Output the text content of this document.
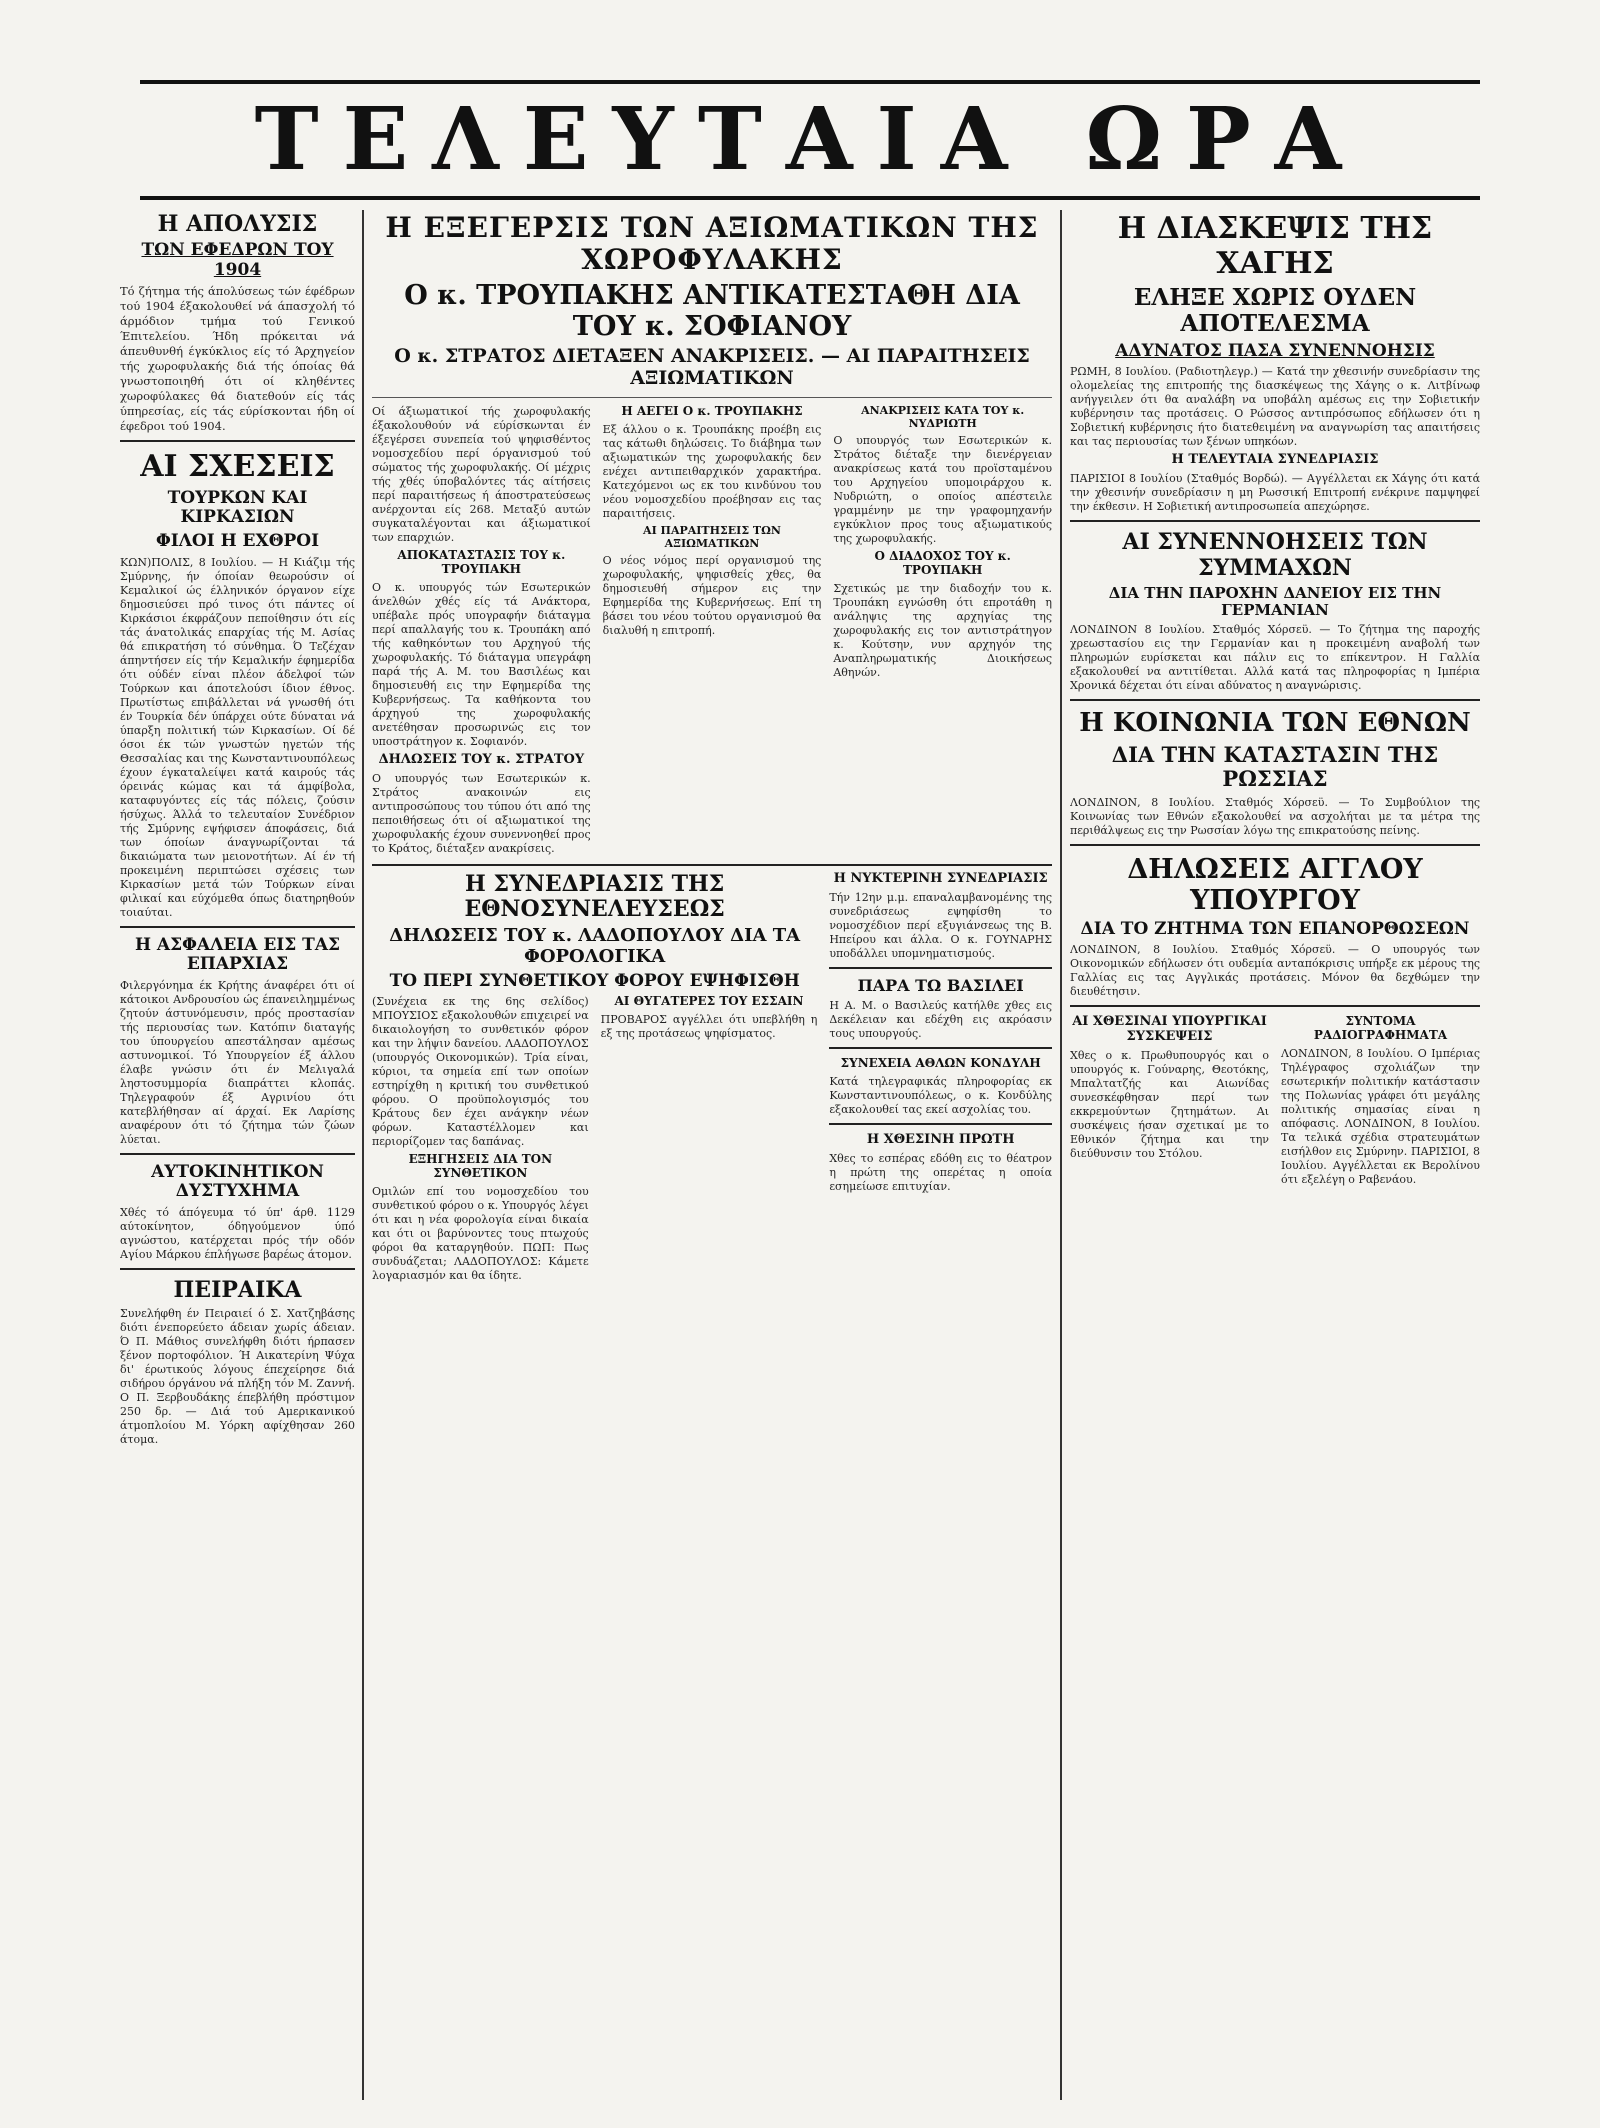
ΤΕΛΕΥΤΑΙΑ ΩΡΑ
Η ΑΠΟΛΥΣΙΣ
ΤΩΝ ΕΦΕΔΡΩΝ ΤΟΥ 1904

Τό ζήτημα τής άπολύσεως τών έφέδρων τού 1904 έξακολουθεί νά άπασχολή τό άρμόδιον τμήμα τού Γενικού Έπιτελείου. Ήδη πρόκειται νά άπευθυνθή έγκύκλιος είς τό Άρχηγείον τής χωροφυλακής διά τής όποίας θά γνωστοποιηθή ότι οί κληθέντες χωροφύλακες θά διατεθούν είς τάς ύπηρεσίας, είς τάς εύρίσκονται ήδη οί έφεδροι τού 1904.

ΑΙ ΣΧΕΣΕΙΣ
ΤΟΥΡΚΩΝ ΚΑΙ ΚΙΡΚΑΣΙΩΝ
ΦΙΛΟΙ Η ΕΧΘΡΟΙ

ΚΩΝ)ΠΟΛΙΣ, 8 Ιουλίου. — Η Κιάζιμ τής Σμύρνης, ήν όποίαν θεωρούσιν οί Κεμαλικοί ώς έλληνικόν όργανον είχε δημοσιεύσει πρό τινος ότι πάντες οί Κιρκάσιοι έκφράζουν πεποίθησιν ότι είς τάς άνατολικάς επαρχίας τής Μ. Ασίας θά επικρατήση τό σύνθημα. Ό Τεζέχαν άπηντήσεν είς τήν Κεμαλικήν έφημερίδα ότι ούδέν είναι πλέον άδελφοί τών Τούρκων και άποτελούσι ίδιον έθνος. Πρωτίστως επιβάλλεται νά γνωσθή ότι έν Τουρκία δέν ύπάρχει ούτε δύναται νά ύπαρξη πολιτική τών Κιρκασίων. Οί δέ όσοι έκ τών γνωστών ηγετών τής Θεσσαλίας και της Κωνσταντινουπόλεως έχουν έγκαταλείψει κατά καιρούς τάς όρεινάς κώμας και τά άμφίβολα, καταφυγόντες είς τάς πόλεις, ζούσιν ήσύχως. Άλλά το τελευταίον Συνέδριον τής Σμύρνης εψήφισεν άποφάσεις, διά των όποίων άναγνωρίζονται τά δικαιώματα των μειονοτήτων. Αί έν τή προκειμένη περιπτώσει σχέσεις των Κιρκασίων μετά τών Τούρκων είναι φιλικαί και εύχόμεθα όπως διατηρηθούν τοιαύται.

Η ΑΣΦΑΛΕΙΑ ΕΙΣ ΤΑΣ ΕΠΑΡΧΙΑΣ

Φιλεργόνημα έκ Κρήτης άναφέρει ότι οί κάτοικοι Ανδρουσίου ώς έπανειλημμένως ζητούν άστυνόμευσιν, πρός προστασίαν τής περιουσίας των. Κατόπιν διαταγής του ύπουργείου απεστάλησαν αμέσως αστυνομικοί. Τό Υπουργείον έξ άλλου έλαβε γνώσιν ότι έν Μελιγαλά ληστοσυμμορία διαπράττει κλοπάς. Τηλεγραφούν έξ Αγρινίου ότι κατεβλήθησαν αί άρχαί. Εκ Λαρίσης αναφέρουν ότι τό ζήτημα τών ζώων λύεται.

ΑΥΤΟΚΙΝΗΤΙΚΟΝ ΔΥΣΤΥΧΗΜΑ

Χθές τό άπόγευμα τό ύπ' άρθ. 1129 αύτοκίνητον, όδηγούμενον ύπό αγνώστου, κατέρχεται πρός τήν οδόν Αγίου Μάρκου έπλήγωσε βαρέως άτομον.

ΠΕΙΡΑΙΚΑ

Συνελήφθη έν Πειραιεί ό Σ. Χατζηβάσης διότι ένεπορεύετο άδειαν χωρίς άδειαν. Ό Π. Μάθιος συνελήφθη διότι ήρπασεν ξένον πορτοφόλιον. Ή Αικατερίνη Ψύχα δι' έρωτικούς λόγους έπεχείρησε διά σιδήρου όργάνου νά πλήξη τόν Μ. Ζαννή. Ο Π. Ξερβουδάκης έπεβλήθη πρόστιμον 250 δρ. — Διά τού Αμερικανικού άτμοπλοίου Μ. Υόρκη αφίχθησαν 260 άτομα.

Η ΕΞΕΓΕΡΣΙΣ ΤΩΝ ΑΞΙΩΜΑΤΙΚΩΝ ΤΗΣ ΧΩΡΟΦΥΛΑΚΗΣ
Ο κ. ΤΡΟΥΠΑΚΗΣ ΑΝΤΙΚΑΤΕΣΤΑΘΗ ΔΙΑ ΤΟΥ κ. ΣΟΦΙΑΝΟΥ
Ο κ. ΣΤΡΑΤΟΣ ΔΙΕΤΑΞΕΝ ΑΝΑΚΡΙΣΕΙΣ. — ΑΙ ΠΑΡΑΙΤΗΣΕΙΣ ΑΞΙΩΜΑΤΙΚΩΝ

Οί άξιωματικοί τής χωροφυλακής έξακολουθούν νά εύρίσκωνται έν έξεγέρσει συνεπεία τού ψηφισθέντος νομοσχεδίου περί όργανισμού τού σώματος τής χωροφυλακής. Οί μέχρις τής χθές ύποβαλόντες τάς αίτήσεις περί παραιτήσεως ή άποστρατεύσεως ανέρχονται είς 268. Μεταξύ αυτών συγκαταλέγονται και άξιωματικοί των επαρχιών.

ΑΠΟΚΑΤΑΣΤΑΣΙΣ ΤΟΥ κ. ΤΡΟΥΠΑΚΗ

Ο κ. υπουργός τών Εσωτερικών άνελθών χθές είς τά Ανάκτορα, υπέβαλε πρός υπογραφήν διάταγμα περί απαλλαγής του κ. Τρουπάκη από τής καθηκόντων του Αρχηγού τής χωροφυλακής. Τό διάταγμα υπεγράφη παρά τής Α. Μ. του Βασιλέως και δημοσιευθή εις την Εφημερίδα της Κυβερνήσεως. Τα καθήκοντα του άρχηγού της χωροφυλακής ανετέθησαν προσωρινώς εις τον υποστράτηγον κ. Σοφιανόν.

ΔΗΛΩΣΕΙΣ ΤΟΥ κ. ΣΤΡΑΤΟΥ

Ο υπουργός των Εσωτερικών κ. Στράτος ανακοινών εις αντιπροσώπους του τύπου ότι από της πεποιθήσεως ότι οί αξιωματικοί της χωροφυλακής έχουν συνεννοηθεί προς το Κράτος, διέταξεν ανακρίσεις.

Η ΑΕΓΕΙ Ο κ. ΤΡΟΥΠΑΚΗΣ

Εξ άλλου ο κ. Τρουπάκης προέβη εις τας κάτωθι δηλώσεις. Το διάβημα των αξιωματικών της χωροφυλακής δεν ενέχει αντιπειθαρχικόν χαρακτήρα. Κατεχόμενοι ως εκ του κινδύνου του νέου νομοσχεδίου προέβησαν εις τας παραιτήσεις.

ΑΙ ΠΑΡΑΙΤΗΣΕΙΣ ΤΩΝ ΑΞΙΩΜΑΤΙΚΩΝ

Ο νέος νόμος περί οργανισμού της χωροφυλακής, ψηφισθείς χθες, θα δημοσιευθή σήμερον εις την Εφημερίδα της Κυβερνήσεως. Επί τη βάσει του νέου τούτου οργανισμού θα διαλυθή η επιτροπή.

ΑΝΑΚΡΙΣΕΙΣ ΚΑΤΑ ΤΟΥ κ. ΝΥΔΡΙΩΤΗ

Ο υπουργός των Εσωτερικών κ. Στράτος διέταξε την διενέργειαν ανακρίσεως κατά του προϊσταμένου του Αρχηγείου υπομοιράρχου κ. Νυδριώτη, ο οποίος απέστειλε γραμμένην με την γραφομηχανήν εγκύκλιον προς τους αξιωματικούς της χωροφυλακής.

Ο ΔΙΑΔΟΧΟΣ ΤΟΥ κ. ΤΡΟΥΠΑΚΗ

Σχετικώς με την διαδοχήν του κ. Τρουπάκη εγνώσθη ότι επροτάθη η ανάληψις της αρχηγίας της χωροφυλακής εις τον αντιστράτηγον κ. Κούτσην, νυν αρχηγόν της Αναπληρωματικής Διοικήσεως Αθηνών.

Η ΣΥΝΕΔΡΙΑΣΙΣ ΤΗΣ ΕΘΝΟΣΥΝΕΛΕΥΣΕΩΣ
ΔΗΛΩΣΕΙΣ ΤΟΥ κ. ΛΑΔΟΠΟΥΛΟΥ ΔΙΑ ΤΑ ΦΟΡΟΛΟΓΙΚΑ
ΤΟ ΠΕΡΙ ΣΥΝΘΕΤΙΚΟΥ ΦΟΡΟΥ ΕΨΗΦΙΣΘΗ

(Συνέχεια εκ της 6ης σελίδος) ΜΠΟΥΣΙΟΣ εξακολουθών επιχειρεί να δικαιολογήση το συνθετικόν φόρον και την λήψιν δανείου. ΛΑΔΟΠΟΥΛΟΣ (υπουργός Οικονομικών). Τρία είναι, κύριοι, τα σημεία επί των οποίων εστηρίχθη η κριτική του συνθετικού φόρου. Ο προϋπολογισμός του Κράτους δεν έχει ανάγκην νέων φόρων. Καταστέλλομεν και περιορίζομεν τας δαπάνας.

ΕΞΗΓΗΣΕΙΣ ΔΙΑ ΤΟΝ ΣΥΝΘΕΤΙΚΟΝ

Ομιλών επί του νομοσχεδίου του συνθετικού φόρου ο κ. Υπουργός λέγει ότι και η νέα φορολογία είναι δικαία και ότι οι βαρύνοντες τους πτωχούς φόροι θα καταργηθούν. ΠΩΠ: Πως συνδυάζεται; ΛΑΔΟΠΟΥΛΟΣ: Κάμετε λογαριασμόν και θα ίδητε.

ΑΙ ΘΥΓΑΤΕΡΕΣ ΤΟΥ ΕΣΣΑΙΝ

ΠΡΟΒΑΡΟΣ αγγέλλει ότι υπεβλήθη η εξ της προτάσεως ψηφίσματος.

Η ΝΥΚΤΕΡΙΝΗ ΣΥΝΕΔΡΙΑΣΙΣ

Τήν 12ην μ.μ. επαναλαμβανομένης της συνεδριάσεως εψηφίσθη το νομοσχέδιον περί εξυγιάνσεως της Β. Ηπείρου και άλλα. Ο κ. ΓΟΥΝΑΡΗΣ υποδάλλει υπομνηματισμούς.

ΠΑΡΑ ΤΩ ΒΑΣΙΛΕΙ

Η Α. Μ. ο Βασιλεύς κατήλθε χθες εις Δεκέλειαν και εδέχθη εις ακρόασιν τους υπουργούς.

ΣΥΝΕΧΕΙΑ ΑΘΛΩΝ ΚΟΝΔΥΛΗ

Κατά τηλεγραφικάς πληροφορίας εκ Κωνσταντινουπόλεως, ο κ. Κονδύλης εξακολουθεί τας εκεί ασχολίας του.

Η ΧΘΕΣΙΝΗ ΠΡΩΤΗ

Χθες το εσπέρας εδόθη εις το θέατρον η πρώτη της οπερέτας η οποία εσημείωσε επιτυχίαν.

Η ΔΙΑΣΚΕΨΙΣ ΤΗΣ ΧΑΓΗΣ
ΕΛΗΞΕ ΧΩΡΙΣ ΟΥΔΕΝ ΑΠΟΤΕΛΕΣΜΑ
ΑΔΥΝΑΤΟΣ ΠΑΣΑ ΣΥΝΕΝΝΟΗΣΙΣ

ΡΩΜΗ, 8 Ιουλίου. (Ραδιοτηλεγρ.) — Κατά την χθεσινήν συνεδρίασιν της ολομελείας της επιτροπής της διασκέψεως της Χάγης ο κ. Λιτβίνωφ ανήγγειλεν ότι θα αναλάβη να υποβάλη αμέσως εις την Σοβιετικήν κυβέρνησιν τας προτάσεις. Ο Ρώσσος αντιπρόσωπος εδήλωσεν ότι η Σοβιετική κυβέρνησις ήτο διατεθειμένη να αναγνωρίση τας απαιτήσεις και τας περιουσίας των ξένων υπηκόων.

Η ΤΕΛΕΥΤΑΙΑ ΣΥΝΕΔΡΙΑΣΙΣ

ΠΑΡΙΣΙΟΙ 8 Ιουλίου (Σταθμός Βορδώ). — Αγγέλλεται εκ Χάγης ότι κατά την χθεσινήν συνεδρίασιν η μη Ρωσσική Επιτροπή ενέκρινε παμψηφεί την έκθεσιν. Η Σοβιετική αντιπροσωπεία απεχώρησε.

ΑΙ ΣΥΝΕΝΝΟΗΣΕΙΣ ΤΩΝ ΣΥΜΜΑΧΩΝ
ΔΙΑ ΤΗΝ ΠΑΡΟΧΗΝ ΔΑΝΕΙΟΥ ΕΙΣ ΤΗΝ ΓΕΡΜΑΝΙΑΝ

ΛΟΝΔΙΝΟΝ 8 Ιουλίου. Σταθμός Χόρσεϋ. — Το ζήτημα της παροχής χρεωστασίου εις την Γερμανίαν και η προκειμένη αναβολή των πληρωμών ευρίσκεται και πάλιν εις το επίκεντρον. Η Γαλλία εξακολουθεί να αντιτίθεται. Αλλά κατά τας πληροφορίας η Ιμπέρια Χρονικά δέχεται ότι είναι αδύνατος η αναγνώρισις.

Η ΚΟΙΝΩΝΙΑ ΤΩΝ ΕΘΝΩΝ
ΔΙΑ ΤΗΝ ΚΑΤΑΣΤΑΣΙΝ ΤΗΣ ΡΩΣΣΙΑΣ

ΛΟΝΔΙΝΟΝ, 8 Ιουλίου. Σταθμός Χόρσεϋ. — Το Συμβούλιον της Κοινωνίας των Εθνών εξακολουθεί να ασχολήται με τα μέτρα της περιθάλψεως εις την Ρωσσίαν λόγω της επικρατούσης πείνης.

ΔΗΛΩΣΕΙΣ ΑΓΓΛΟΥ ΥΠΟΥΡΓΟΥ
ΔΙΑ ΤΟ ΖΗΤΗΜΑ ΤΩΝ ΕΠΑΝΟΡΘΩΣΕΩΝ

ΛΟΝΔΙΝΟΝ, 8 Ιουλίου. Σταθμός Χόρσεϋ. — Ο υπουργός των Οικονομικών εδήλωσεν ότι ουδεμία ανταπόκρισις υπήρξε εκ μέρους της Γαλλίας εις τας Αγγλικάς προτάσεις. Μόνον θα δεχθώμεν την διευθέτησιν.

ΑΙ ΧΘΕΣΙΝΑΙ ΥΠΟΥΡΓΙΚΑΙ ΣΥΣΚΕΨΕΙΣ

Χθες ο κ. Πρωθυπουργός και ο υπουργός κ. Γούναρης, Θεοτόκης, Μπαλτατζής και Αιωνίδας συνεσκέφθησαν περί των εκκρεμούντων ζητημάτων. Αι συσκέψεις ήσαν σχετικαί με το Εθνικόν ζήτημα και την διεύθυνσιν του Στόλου.

ΣΥΝΤΟΜΑ ΡΑΔΙΟΓΡΑΦΗΜΑΤΑ

ΛΟΝΔΙΝΟΝ, 8 Ιουλίου. Ο Ιμπέριας Τηλέγραφος σχολιάζων την εσωτερικήν πολιτικήν κατάστασιν της Πολωνίας γράφει ότι μεγάλης πολιτικής σημασίας είναι η απόφασις. ΛΟΝΔΙΝΟΝ, 8 Ιουλίου. Τα τελικά σχέδια στρατευμάτων εισήλθον εις Σμύρνην. ΠΑΡΙΣΙΟΙ, 8 Ιουλίου. Αγγέλλεται εκ Βερολίνου ότι εξελέγη ο Ραβενάου.
